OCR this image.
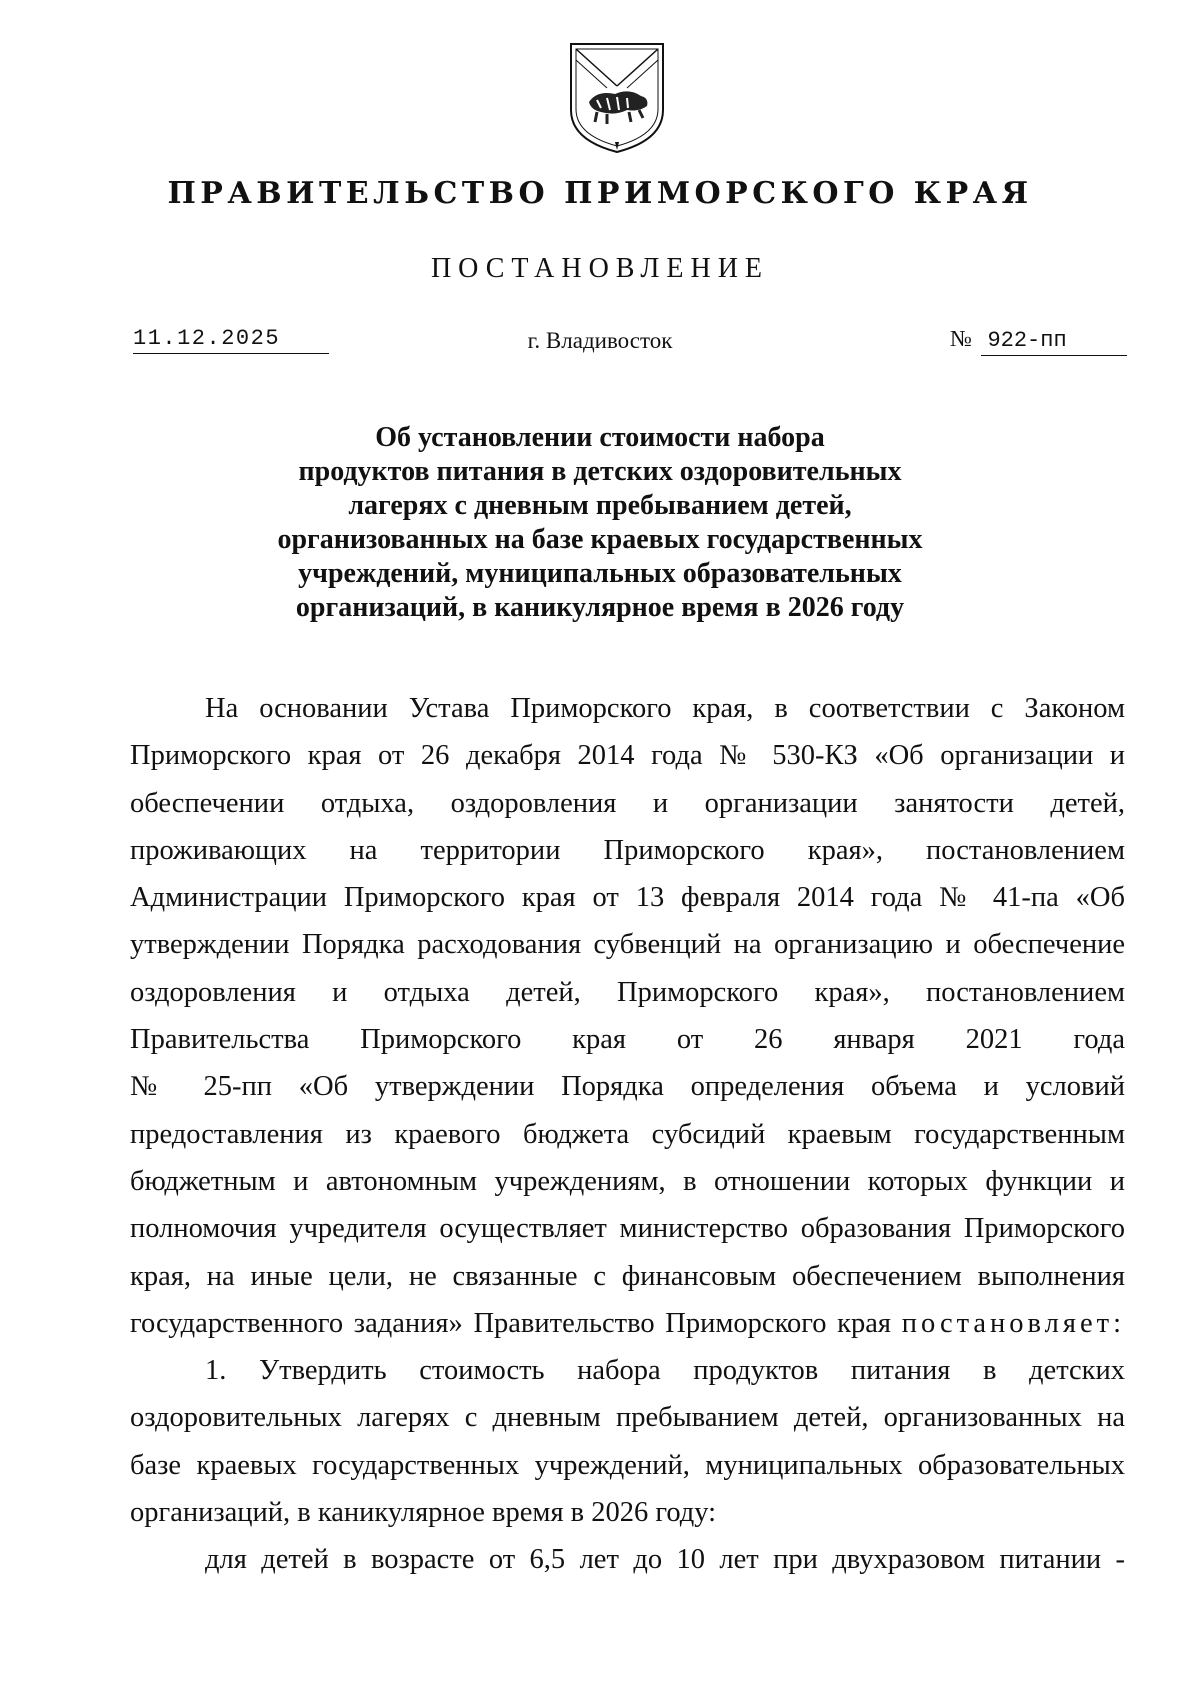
ПРАВИТЕЛЬСТВО ПРИМОРСКОГО КРАЯ
ПОСТАНОВЛЕНИЕ
11.12.2025	г. Владивосток	№ 922-пп
Об установлении стоимости набора
продуктов питания в детских оздоровительных
лагерях с дневным пребыванием детей,
организованных на базе краевых государственных
учреждений, муниципальных образовательных
организаций, в каникулярное время в 2026 году
На основании Устава Приморского края, в соответствии с Законом
Приморского края от 26 декабря 2014 года № 530-КЗ «Об организации и
обеспечении отдыха, оздоровления и организации занятости детей,
проживающих на территории Приморского края», постановлением
Администрации Приморского края от 13 февраля 2014 года № 41-па «Об
утверждении Порядка расходования субвенций на организацию и обеспечение
оздоровления и отдыха детей, Приморского края», постановлением
Правительства Приморского края от 26 января 2021 года
№ 25-пп «Об утверждении Порядка определения объема и условий
предоставления из краевого бюджета субсидий краевым государственным
бюджетным и автономным учреждениям, в отношении которых функции и
полномочия учредителя осуществляет министерство образования Приморского
края, на иные цели, не связанные с финансовым обеспечением выполнения
государственного задания» Правительство Приморского края постановляет:
1. Утвердить стоимость набора продуктов питания в детских
оздоровительных лагерях с дневным пребыванием детей, организованных на
базе краевых государственных учреждений, муниципальных образовательных
организаций, в каникулярное время в 2026 году:
для детей в возрасте от 6,5 лет до 10 лет при двухразовом питании -
